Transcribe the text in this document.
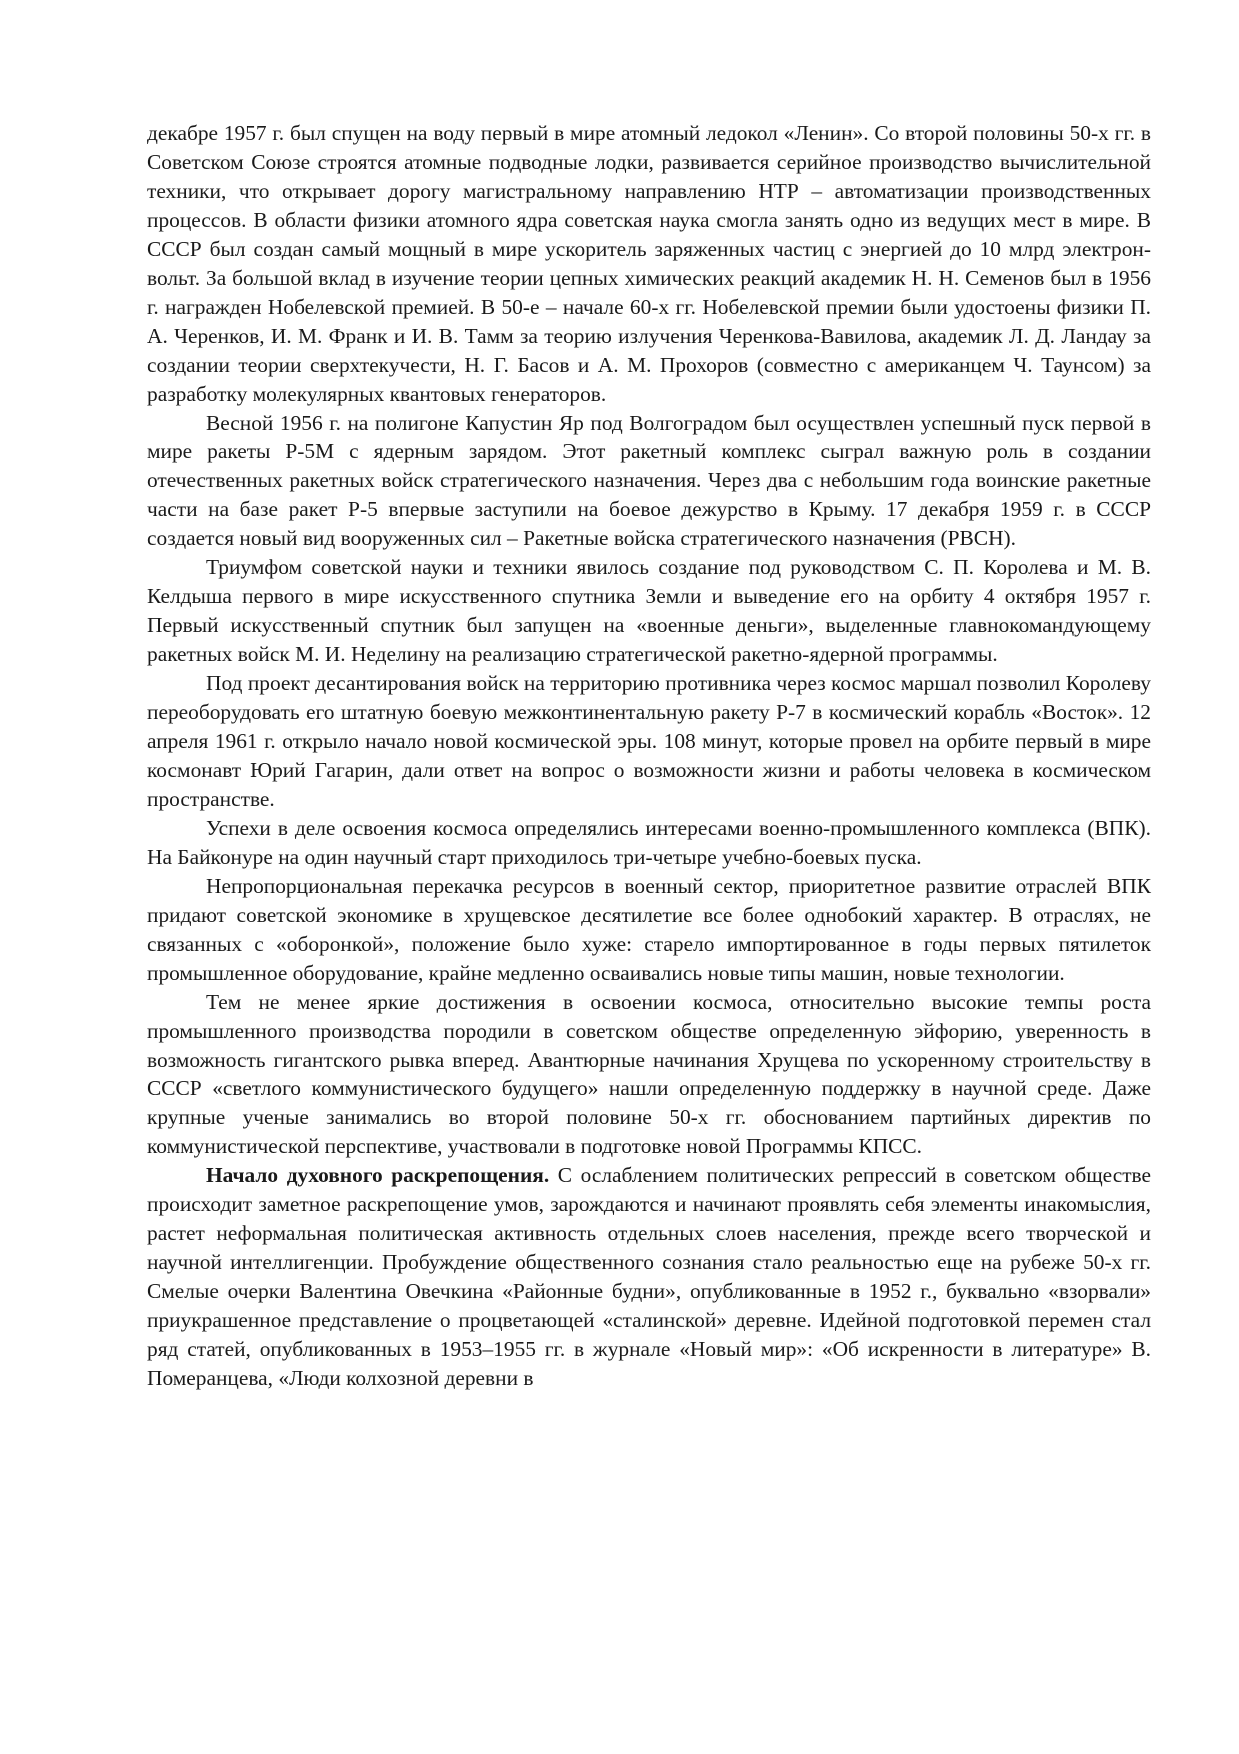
декабре 1957 г. был спущен на воду первый в мире атомный ледокол «Ленин». Со второй половины 50-х гг. в Советском Союзе строятся атомные подводные лодки, развивается серийное производство вычислительной техники, что открывает дорогу магистральному направлению НТР – автоматизации производственных процессов. В области физики атомного ядра советская наука смогла занять одно из ведущих мест в мире. В СССР был создан самый мощный в мире ускоритель заряженных частиц с энергией до 10 млрд электрон-вольт. За большой вклад в изучение теории цепных химических реакций академик Н. Н. Семенов был в 1956 г. награжден Нобелевской премией. В 50-е – начале 60-х гг. Нобелевской премии были удостоены физики П. А. Черенков, И. М. Франк и И. В. Тамм за теорию излучения Черенкова-Вавилова, академик Л. Д. Ландау за создании теории сверхтекучести, Н. Г. Басов и А. М. Прохоров (совместно с американцем Ч. Таунсом) за разработку молекулярных квантовых генераторов.

Весной 1956 г. на полигоне Капустин Яр под Волгоградом был осуществлен успешный пуск первой в мире ракеты Р-5М с ядерным зарядом. Этот ракетный комплекс сыграл важную роль в создании отечественных ракетных войск стратегического назначения. Через два с небольшим года воинские ракетные части на базе ракет Р-5 впервые заступили на боевое дежурство в Крыму. 17 декабря 1959 г. в СССР создается новый вид вооруженных сил – Ракетные войска стратегического назначения (РВСН).

Триумфом советской науки и техники явилось создание под руководством С. П. Королева и М. В. Келдыша первого в мире искусственного спутника Земли и выведение его на орбиту 4 октября 1957 г. Первый искусственный спутник был запущен на «военные деньги», выделенные главнокомандующему ракетных войск М. И. Неделину на реализацию стратегической ракетно-ядерной программы.

Под проект десантирования войск на территорию противника через космос маршал позволил Королеву переоборудовать его штатную боевую межконтинентальную ракету Р-7 в космический корабль «Восток». 12 апреля 1961 г. открыло начало новой космической эры. 108 минут, которые провел на орбите первый в мире космонавт Юрий Гагарин, дали ответ на вопрос о возможности жизни и работы человека в космическом пространстве.

Успехи в деле освоения космоса определялись интересами военно-промышленного комплекса (ВПК). На Байконуре на один научный старт приходилось три-четыре учебно-боевых пуска.

Непропорциональная перекачка ресурсов в военный сектор, приоритетное развитие отраслей ВПК придают советской экономике в хрущевское десятилетие все более однобокий характер. В отраслях, не связанных с «оборонкой», положение было хуже: старело импортированное в годы первых пятилеток промышленное оборудование, крайне медленно осваивались новые типы машин, новые технологии.

Тем не менее яркие достижения в освоении космоса, относительно высокие темпы роста промышленного производства породили в советском обществе определенную эйфорию, уверенность в возможность гигантского рывка вперед. Авантюрные начинания Хрущева по ускоренному строительству в СССР «светлого коммунистического будущего» нашли определенную поддержку в научной среде. Даже крупные ученые занимались во второй половине 50-х гг. обоснованием партийных директив по коммунистической перспективе, участвовали в подготовке новой Программы КПСС.

Начало духовного раскрепощения. С ослаблением политических репрессий в советском обществе происходит заметное раскрепощение умов, зарождаются и начинают проявлять себя элементы инакомыслия, растет неформальная политическая активность отдельных слоев населения, прежде всего творческой и научной интеллигенции. Пробуждение общественного сознания стало реальностью еще на рубеже 50-х гг. Смелые очерки Валентина Овечкина «Районные будни», опубликованные в 1952 г., буквально «взорвали» приукрашенное представление о процветающей «сталинской» деревне. Идейной подготовкой перемен стал ряд статей, опубликованных в 1953–1955 гг. в журнале «Новый мир»: «Об искренности в литературе» В. Померанцева, «Люди колхозной деревни в
